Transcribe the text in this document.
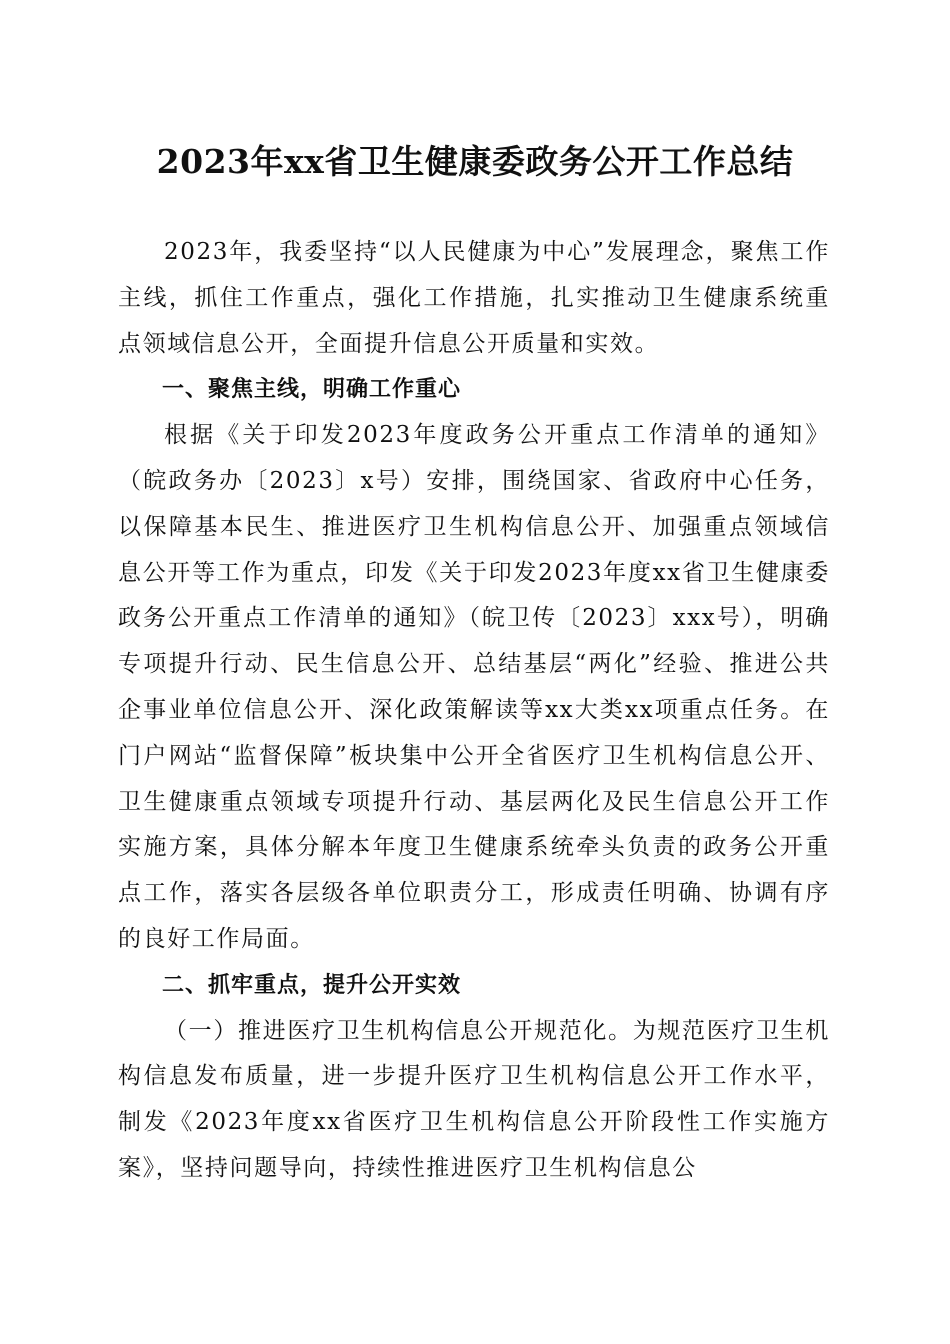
2023年xx省卫生健康委政务公开工作总结

2023年，我委坚持“以人民健康为中心”发展理念，聚焦工作主线，抓住工作重点，强化工作措施，扎实推动卫生健康系统重点领域信息公开，全面提升信息公开质量和实效。

一、聚焦主线，明确工作重心

根据《关于印发2023年度政务公开重点工作清单的通知》（皖政务办〔2023〕x号）安排，围绕国家、省政府中心任务，以保障基本民生、推进医疗卫生机构信息公开、加强重点领域信息公开等工作为重点，印发《关于印发2023年度xx省卫生健康委政务公开重点工作清单的通知》（皖卫传〔2023〕xxx号），明确专项提升行动、民生信息公开、总结基层“两化”经验、推进公共企事业单位信息公开、深化政策解读等xx大类xx项重点任务。在门户网站“监督保障”板块集中公开全省医疗卫生机构信息公开、卫生健康重点领域专项提升行动、基层两化及民生信息公开工作实施方案，具体分解本年度卫生健康系统牵头负责的政务公开重点工作，落实各层级各单位职责分工，形成责任明确、协调有序的良好工作局面。

二、抓牢重点，提升公开实效

（一）推进医疗卫生机构信息公开规范化。为规范医疗卫生机构信息发布质量，进一步提升医疗卫生机构信息公开工作水平，制发《2023年度xx省医疗卫生机构信息公开阶段性工作实施方案》，坚持问题导向，持续性推进医疗卫生机构信息公
